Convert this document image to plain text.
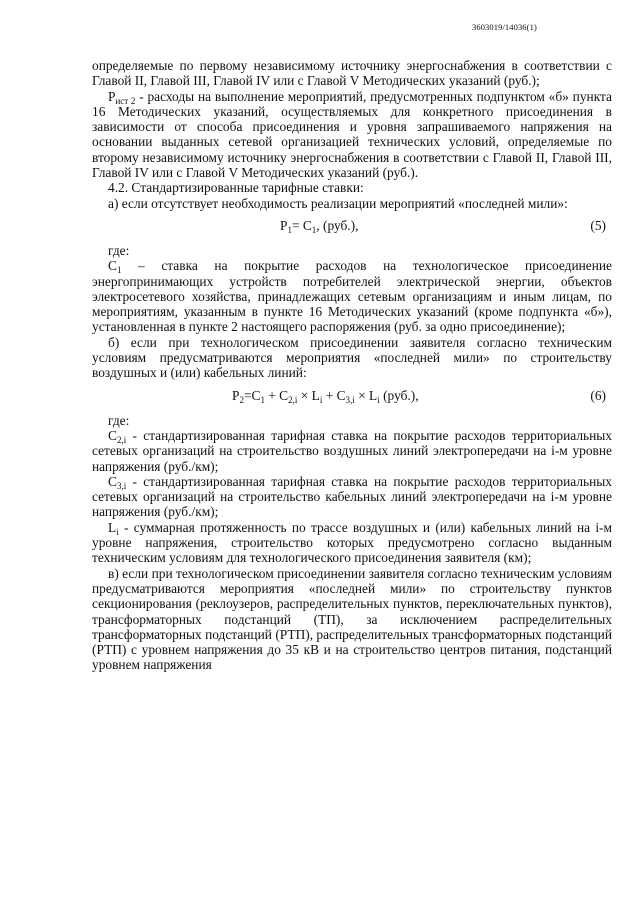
3603019/14036(1)

определяемые по первому независимому источнику энергоснабжения в соответствии с Главой II, Главой III, Главой IV или с Главой V Методических указаний (руб.);

$Р_{ист 2}$ - расходы на выполнение мероприятий, предусмотренных подпунктом «б» пункта 16 Методических указаний, осуществляемых для конкретного присоединения в зависимости от способа присоединения и уровня запрашиваемого напряжения на основании выданных сетевой организацией технических условий, определяемые по второму независимому источнику энергоснабжения в соответствии с Главой II, Главой III, Главой IV или с Главой V Методических указаний (руб.).

4.2. Стандартизированные тарифные ставки:

а) если отсутствует необходимость реализации мероприятий «последней мили»:

$P_1= C_1$, (руб.),	(5)

где:

$С_1$ – ставка на покрытие расходов на технологическое присоединение энергопринимающих устройств потребителей электрической энергии, объектов электросетевого хозяйства, принадлежащих сетевым организациям и иным лицам, по мероприятиям, указанным в пункте 16 Методических указаний (кроме подпункта «б»), установленная в пункте 2 настоящего распоряжения (руб. за одно присоединение);

б) если при технологическом присоединении заявителя согласно техническим условиям предусматриваются мероприятия «последней мили» по строительству воздушных и (или) кабельных линий:

$P_2=C_1 + C_{2,i} \times L_i + C_{3,i} \times L_i$ (руб.),	(6)

где:

$С_{2,i}$ - стандартизированная тарифная ставка на покрытие расходов территориальных сетевых организаций на строительство воздушных линий электропередачи на i-м уровне напряжения (руб./км);

$С_{3,i}$ - стандартизированная тарифная ставка на покрытие расходов территориальных сетевых организаций на строительство кабельных линий электропередачи на i-м уровне напряжения (руб./км);

$L_i$ - суммарная протяженность по трассе воздушных и (или) кабельных линий на i-м уровне напряжения, строительство которых предусмотрено согласно выданным техническим условиям для технологического присоединения заявителя (км);

в) если при технологическом присоединении заявителя согласно техническим условиям предусматриваются мероприятия «последней мили» по строительству пунктов секционирования (реклоузеров, распределительных пунктов, переключательных пунктов), трансформаторных подстанций (ТП), за исключением распределительных трансформаторных подстанций (РТП), распределительных трансформаторных подстанций (РТП) с уровнем напряжения до 35 кВ и на строительство центров питания, подстанций уровнем напряжения
